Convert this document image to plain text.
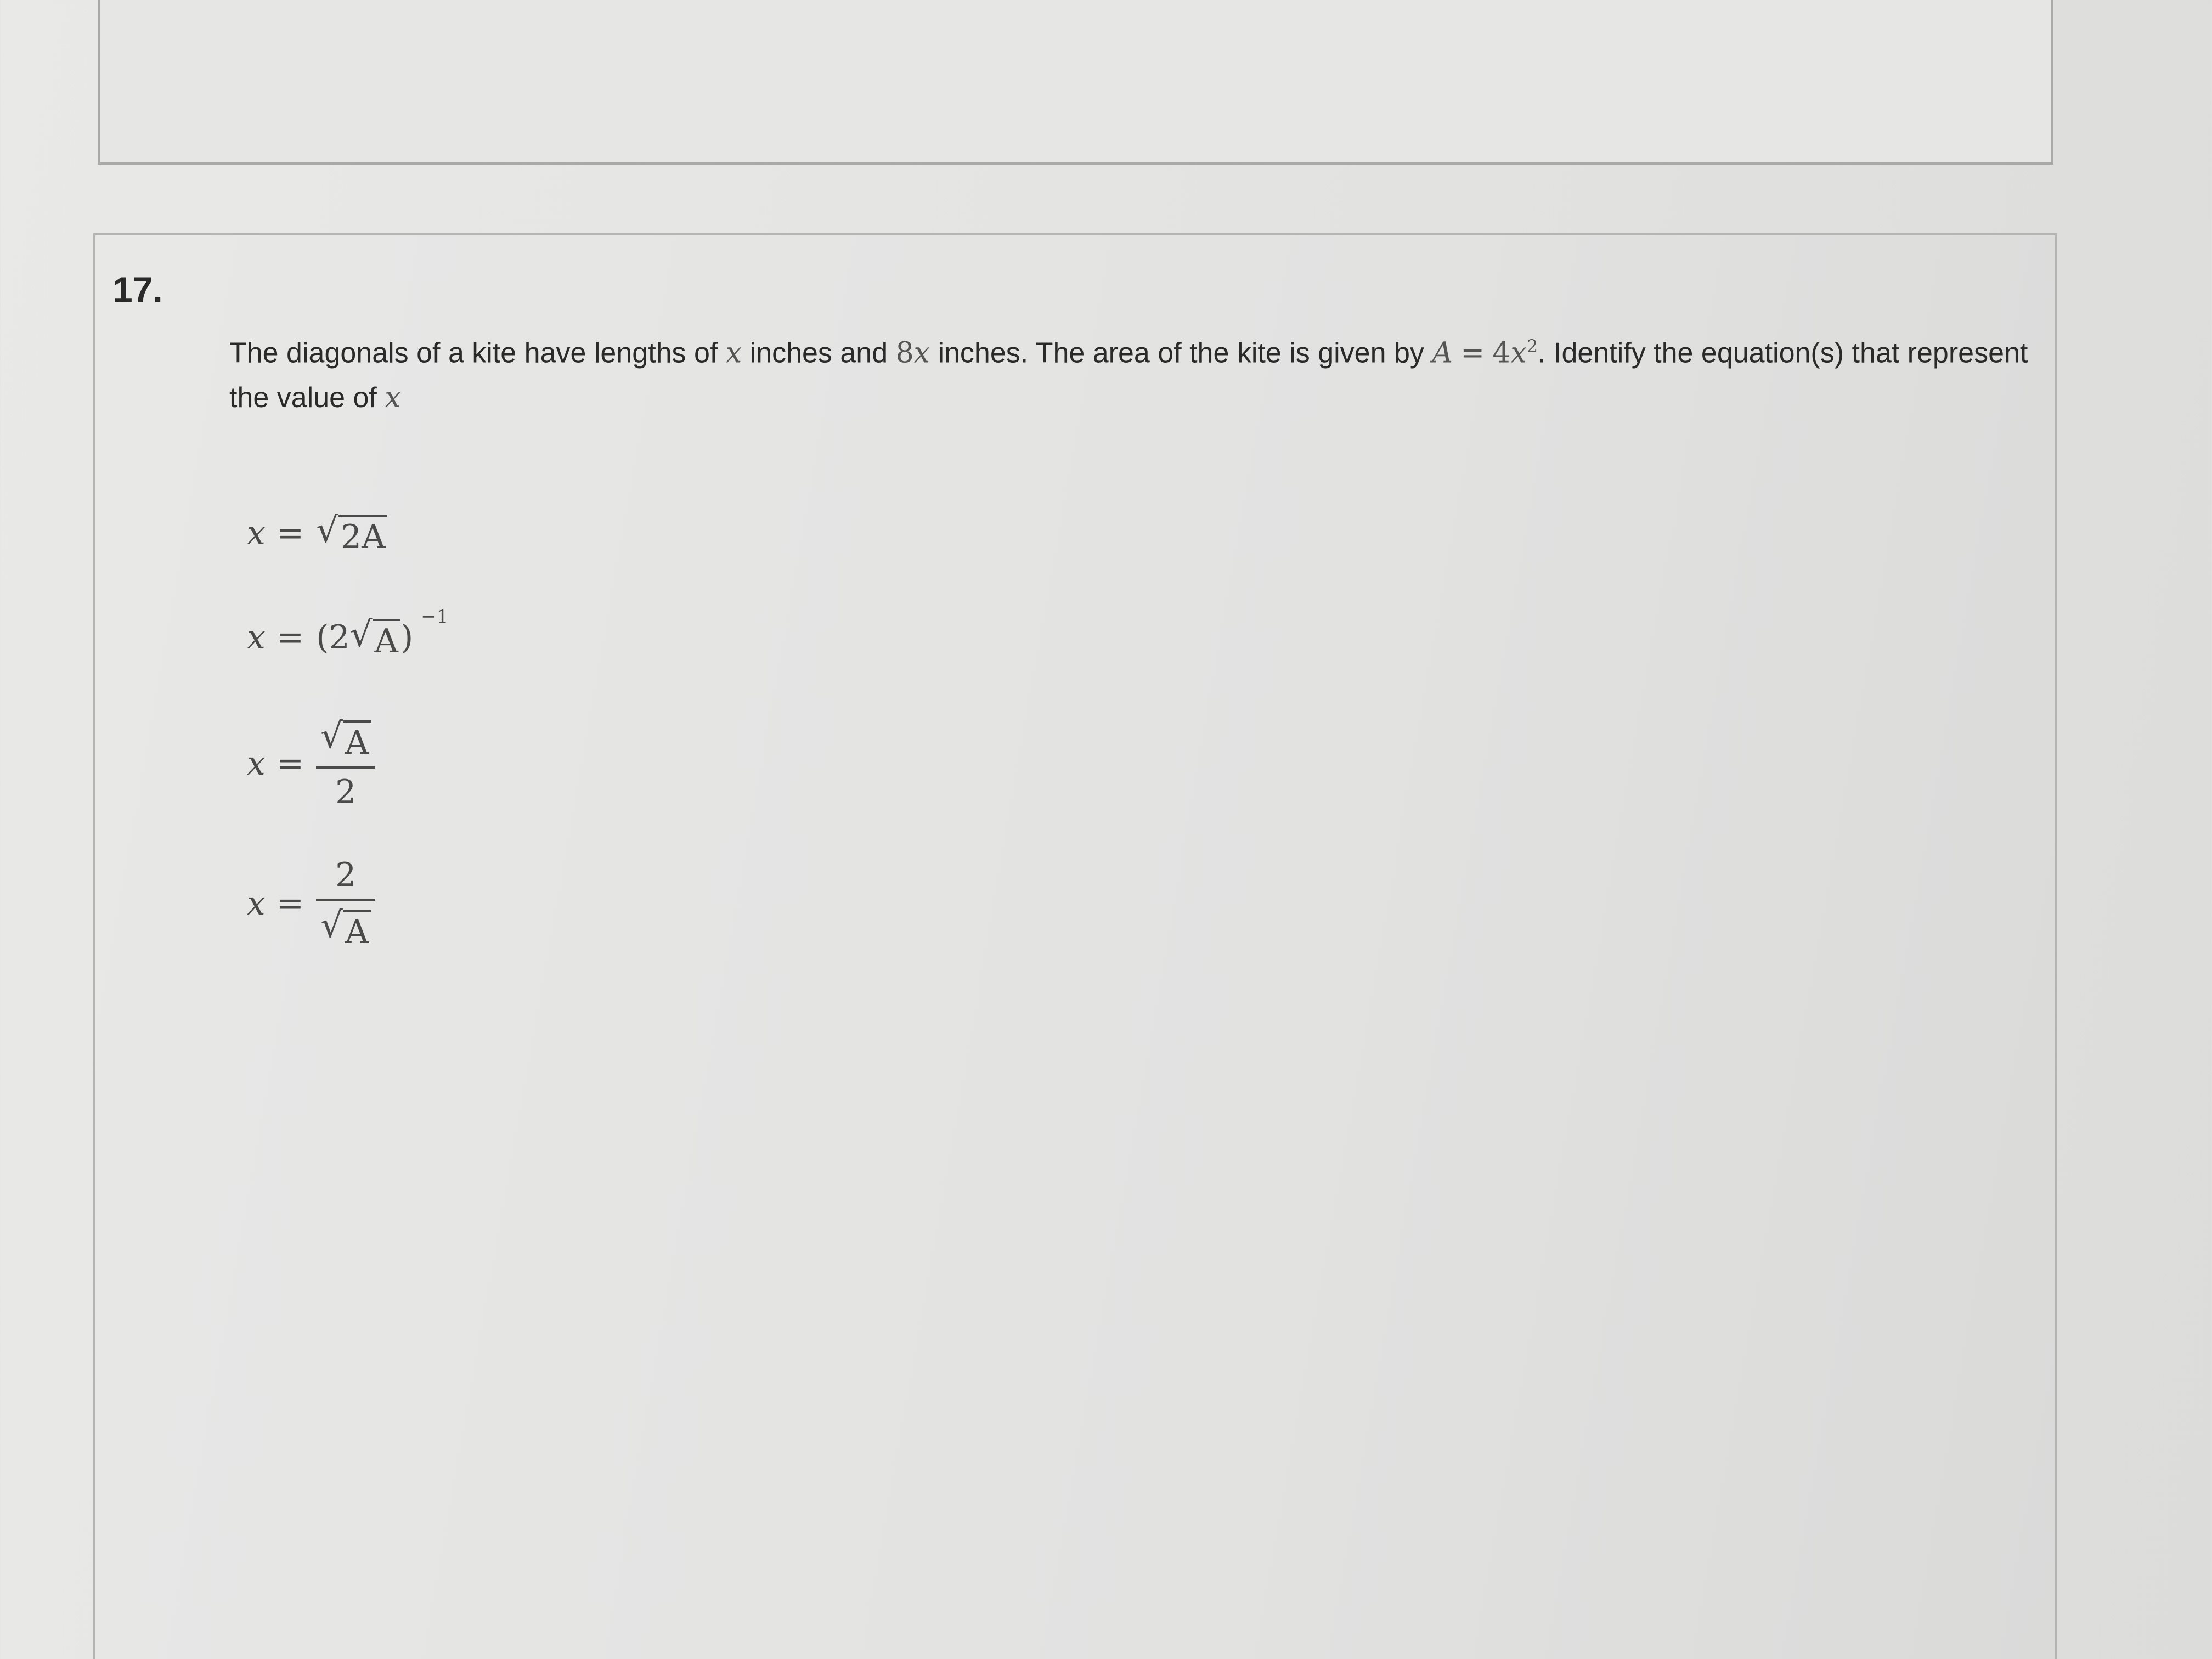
17.
The diagonals of a kite have lengths of x inches and 8x inches. The area of the kite is given by $A = 4x^2$. Identify the equation(s) that represent the value of x
x = √ 2A
x = (2 √ A )
−1
$x = \frac{√ A}{2}$
$x = \frac{2}{√ A}$
